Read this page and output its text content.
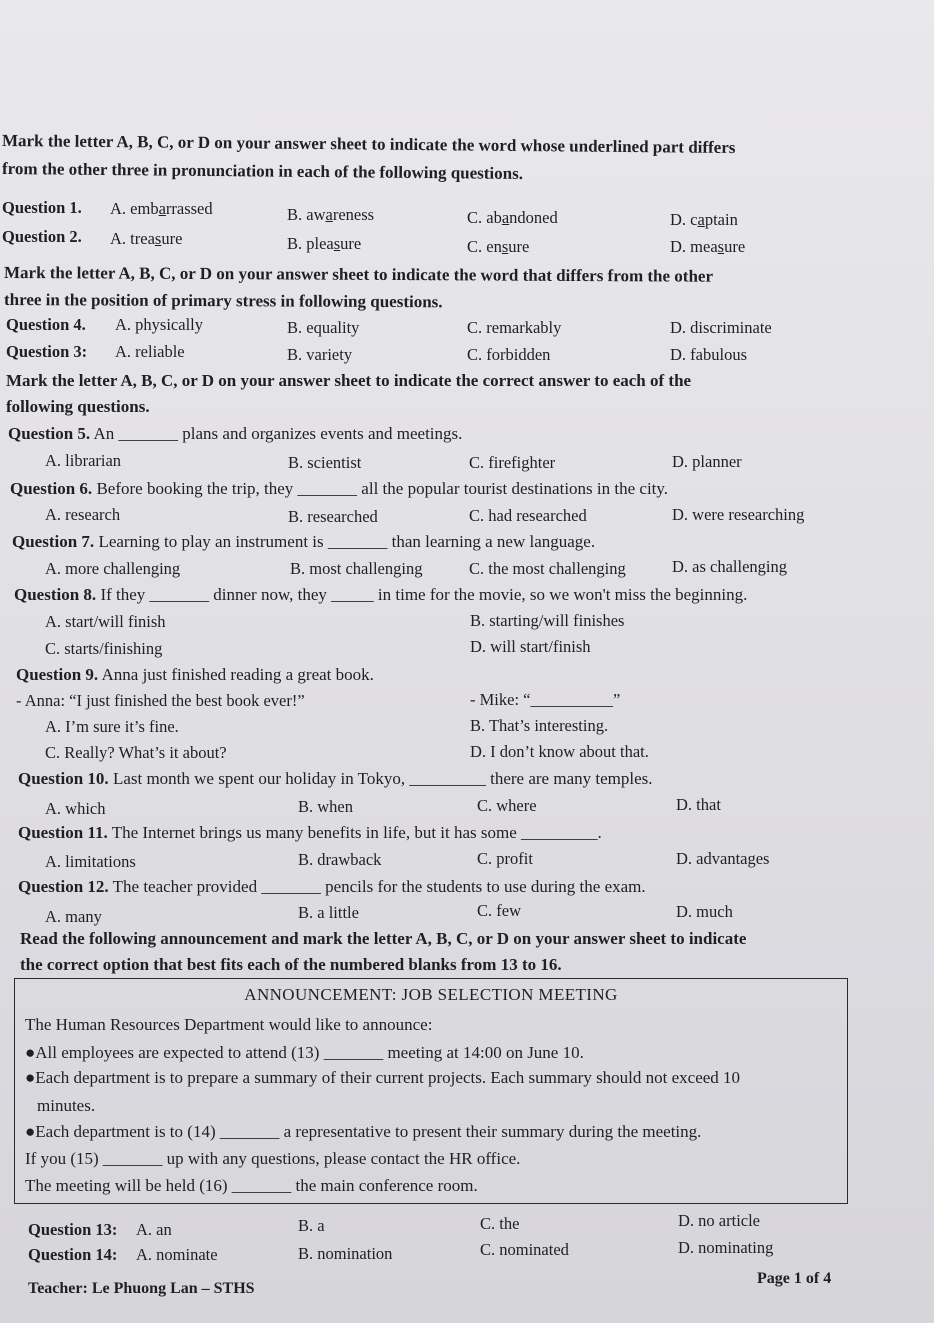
Mark the letter A, B, C, or D on your answer sheet to indicate the word whose underlined part differs
from the other three in pronunciation in each of the following questions.
Question 1. A. embarrassed	B. awareness	C. abandoned	D. captain
Question 2. A. treasure	B. pleasure	C. ensure	D. measure
Mark the letter A, B, C, or D on your answer sheet to indicate the word that differs from the other
three in the position of primary stress in following questions.
Question 4. A. physically	B. equality	C. remarkably	D. discriminate
Question 3: A. reliable	B. variety	C. forbidden	D. fabulous
Mark the letter A, B, C, or D on your answer sheet to indicate the correct answer to each of the
following questions.
Question 5. An _______ plans and organizes events and meetings.
A. librarian	B. scientist	C. firefighter	D. planner
Question 6. Before booking the trip, they _______ all the popular tourist destinations in the city.
A. research	B. researched	C. had researched	D. were researching
Question 7. Learning to play an instrument is _______ than learning a new language.
A. more challenging	B. most challenging	C. the most challenging	D. as challenging
Question 8. If they _______ dinner now, they _____ in time for the movie, so we won't miss the beginning.
A. start/will finish	B. starting/will finishes
C. starts/finishing	D. will start/finish
Question 9. Anna just finished reading a great book.
- Anna: “I just finished the best book ever!”	- Mike: “__________”
A. I’m sure it’s fine.	B. That’s interesting.
C. Really? What’s it about?	D. I don’t know about that.
Question 10. Last month we spent our holiday in Tokyo, _________ there are many temples.
A. which	B. when	C. where	D. that
Question 11. The Internet brings us many benefits in life, but it has some _________.
A. limitations	B. drawback	C. profit	D. advantages
Question 12. The teacher provided _______ pencils for the students to use during the exam.
A. many	B. a little	C. few	D. much
Read the following announcement and mark the letter A, B, C, or D on your answer sheet to indicate
the correct option that best fits each of the numbered blanks from 13 to 16.
ANNOUNCEMENT: JOB SELECTION MEETING
The Human Resources Department would like to announce:
●All employees are expected to attend (13) _______ meeting at 14:00 on June 10.
●Each department is to prepare a summary of their current projects. Each summary should not exceed 10
minutes.
●Each department is to (14) _______ a representative to present their summary during the meeting.
If you (15) _______ up with any questions, please contact the HR office.
The meeting will be held (16) _______ the main conference room.
Question 13: A. an	B. a	C. the	D. no article
Question 14: A. nominate	B. nomination	C. nominated	D. nominating
Teacher: Le Phuong Lan – STHS
Page 1 of 4
